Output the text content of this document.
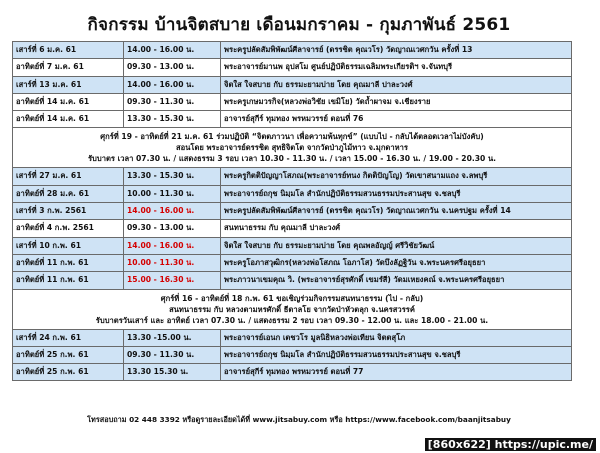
กิจกรรม บ้านจิตสบาย เดือนมกราคม - กุมภาพันธ์ 2561
เสาร์ที่ 6 ม.ค. 61	14.00 - 16.00 น.	พระครูปลัดสัมพิพัฒน์ศีลาจารย์ (ดรรชิต คุณวโร) วัดญาณเวศกวัน ครั้งที่ 13
อาทิตย์ที่ 7 ม.ค. 61	09.30 - 13.00 น.	พระอาจารย์มานพ อุปสโม ศูนย์ปฏิบัติธรรมเฉลิมพระเกียรติฯ จ.จันทบุรี
เสาร์ที่ 13 ม.ค. 61	14.00 - 16.00 น.	จิตใส ใจสบาย กับ ธรรมะยามบ่าย โดย คุณมาลี ปาละวงศ์
อาทิตย์ที่ 14 ม.ค. 61	09.30 - 11.30 น.	พระครูเกษมวรกิจ(หลวงพ่อวิชัย เขมิโย) วัดถ้ำผาจม จ.เชียงราย
อาทิตย์ที่ 14 ม.ค. 61	13.30 - 15.30 น.	อาจารย์สุกีร์ ทุมทอง พรหมวรรย์ ตอนที่ 76

ศุกร์ที่ 19 - อาทิตย์ที่ 21 ม.ค. 61 ร่วมปฏิบัติ “จิตตภาวนา เพื่อความพ้นทุกข์” (แบบไป - กลับได้ตลอดเวลาไม่บังคับ)
สอนโดย พระอาจารย์ดรรชิต สุทธิจิตโต จากวัดป่าภูไม้ทาว จ.มุกดาหาร
รับบาตร เวลา 07.30 น. / แสดงธรรม 3 รอบ เวลา 10.30 - 11.30 น. / เวลา 15.00 - 16.30 น. / 19.00 - 20.30 น.		

เสาร์ที่ 27 ม.ค. 61	13.30 - 15.30 น.	พระครูกิตติปัญญาโสภณ(พระอาจารย์ทนง กิตติปัญโญ) วัดเขาสนามแถง จ.ลพบุรี
อาทิตย์ที่ 28 ม.ค. 61	10.00 - 11.30 น.	พระอาจารย์ถกุช นิมฺมโล สำนักปฏิบัติธรรมสวนธรรมประสานสุข จ.ชลบุรี
เสาร์ที่ 3 ก.พ. 2561	14.00 - 16.00 น.	พระครูปลัดสัมพิพัฒน์ศีลาจารย์ (ดรรชิต คุณวโร) วัดญาณเวศกวัน จ.นครปฐม ครั้งที่ 14
อาทิตย์ที่ 4 ก.พ. 2561	09.30 - 13.00 น.	สนทนาธรรม กับ คุณมาลี ปาละวงศ์
เสาร์ที่ 10 ก.พ. 61	14.00 - 16.00 น.	จิตใส ใจสบาย กับ ธรรมะยามบ่าย โดย คุณพลอัญญ์ ศรีวิชัยวัฒน์
อาทิตย์ที่ 11 ก.พ. 61	10.00 - 11.30 น.	พระครูโอภาสวุฒิกร(หลวงพ่อโสภณ โอภาโส) วัดบึงลัฏฐิวัน จ.พระนครศรีอยุธยา
อาทิตย์ที่ 11 ก.พ. 61	15.00 - 16.30 น.	พระภาวนาเขมคุณ วิ. (พระอาจารย์สุรศักดิ์ เขมรํสี) วัดมเหยงคณ์ จ.พระนครศรีอยุธยา

ศุกร์ที่ 16 - อาทิตย์ที่ 18 ก.พ. 61 ขอเชิญร่วมกิจกรรมสนทนาธรรม (ไป - กลับ)
สนทนาธรรม กับ หลวงตามหรศักดิ์ ธีตาลโย จากวัดป่าหัวตลุก จ.นครสวรรค์
รับบาตรวันเสาร์ และ อาทิตย์ เวลา 07.30 น. / แสดงธรรม 2 รอบ เวลา 09.30 - 12.00 น. และ 18.00 - 21.00 น.		

เสาร์ที่ 24 ก.พ. 61	13.30 -15.00 น.	พระอาจารย์เอนก เตชวโร มูลนิธิหลวงพ่อเทียน จิตตสุโภ
อาทิตย์ที่ 25 ก.พ. 61	09.30 - 11.30 น.	พระอาจารย์ถกุช นิมฺมโล สำนักปฏิบัติธรรมสวนธรรมประสานสุข จ.ชลบุรี
อาทิตย์ที่ 25 ก.พ. 61	13.30 15.30 น.	อาจารย์สุกีร์ ทุมทอง พรหมวรรย์ ตอนที่ 77
โทรสอบถาม 02 448 3392 หรือดูรายละเอียดได้ที่ www.jitsabuy.com หรือ https://www.facebook.com/baanjitsabuy
[860x622] https://upic.me/
